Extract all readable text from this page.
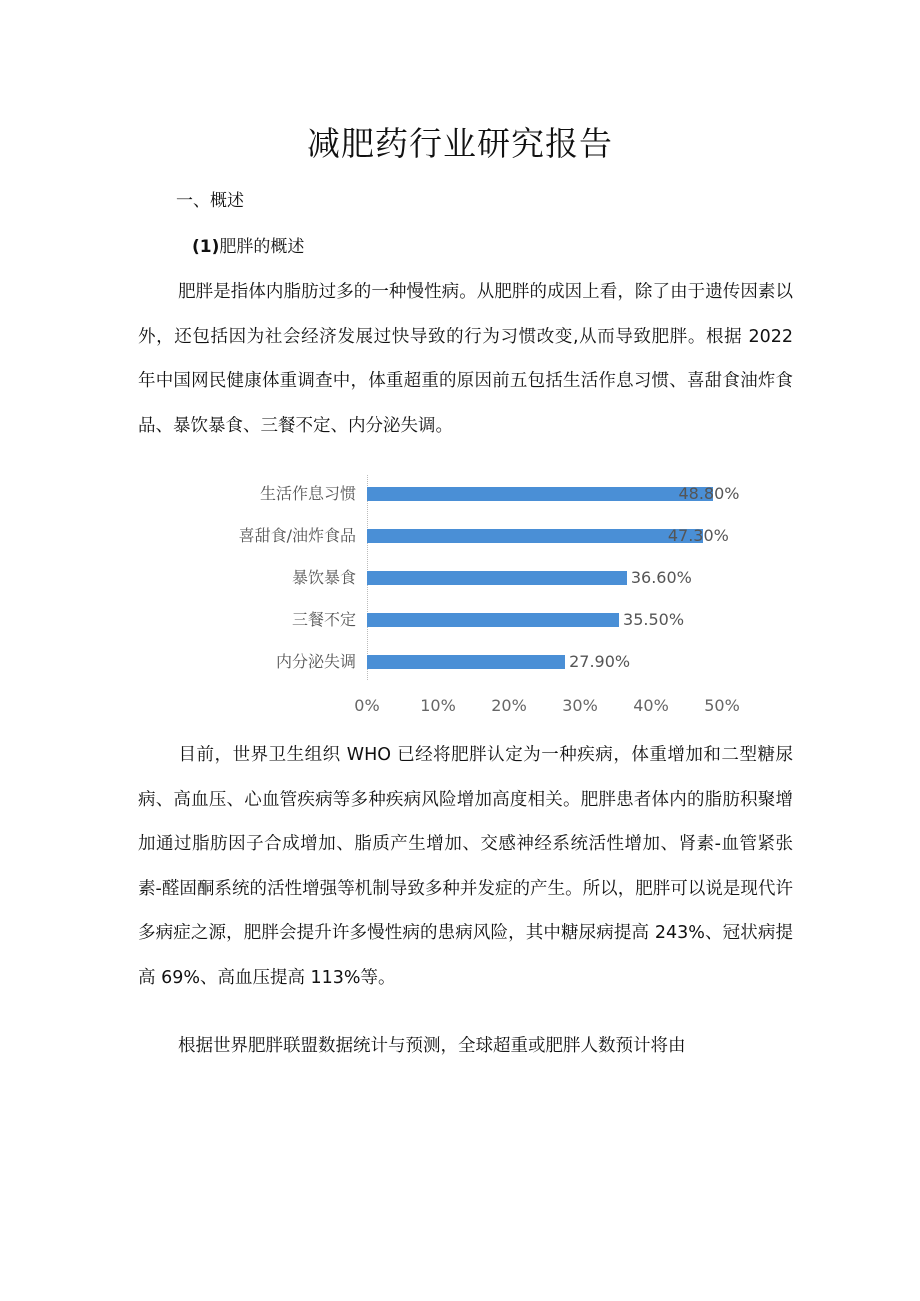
减肥药行业研究报告
一、概述
(1)肥胖的概述
肥胖是指体内脂肪过多的一种慢性病。从肥胖的成因上看，除了由于遗传因素以外，还包括因为社会经济发展过快导致的行为习惯改变,从而导致肥胖。根据 2022 年中国网民健康体重调查中，体重超重的原因前五包括生活作息习惯、喜甜食油炸食品、暴饮暴食、三餐不定、内分泌失调。
生活作息习惯	48.80%
喜甜食/油炸食品	47.30%
暴饮暴食	36.60%
三餐不定	35.50%
内分泌失调	27.90%
0%	10% 20% 30% 40% 50%
目前，世界卫生组织 WHO 已经将肥胖认定为一种疾病，体重增加和二型糖尿病、高血压、心血管疾病等多种疾病风险增加高度相关。肥胖患者体内的脂肪积聚增加通过脂肪因子合成增加、脂质产生增加、交感神经系统活性增加、肾素-血管紧张素-醛固酮系统的活性增强等机制导致多种并发症的产生。所以，肥胖可以说是现代许多病症之源，肥胖会提升许多慢性病的患病风险，其中糖尿病提高 243%、冠状病提高 69%、高血压提高 113%等。
根据世界肥胖联盟数据统计与预测，全球超重或肥胖人数预计将由
